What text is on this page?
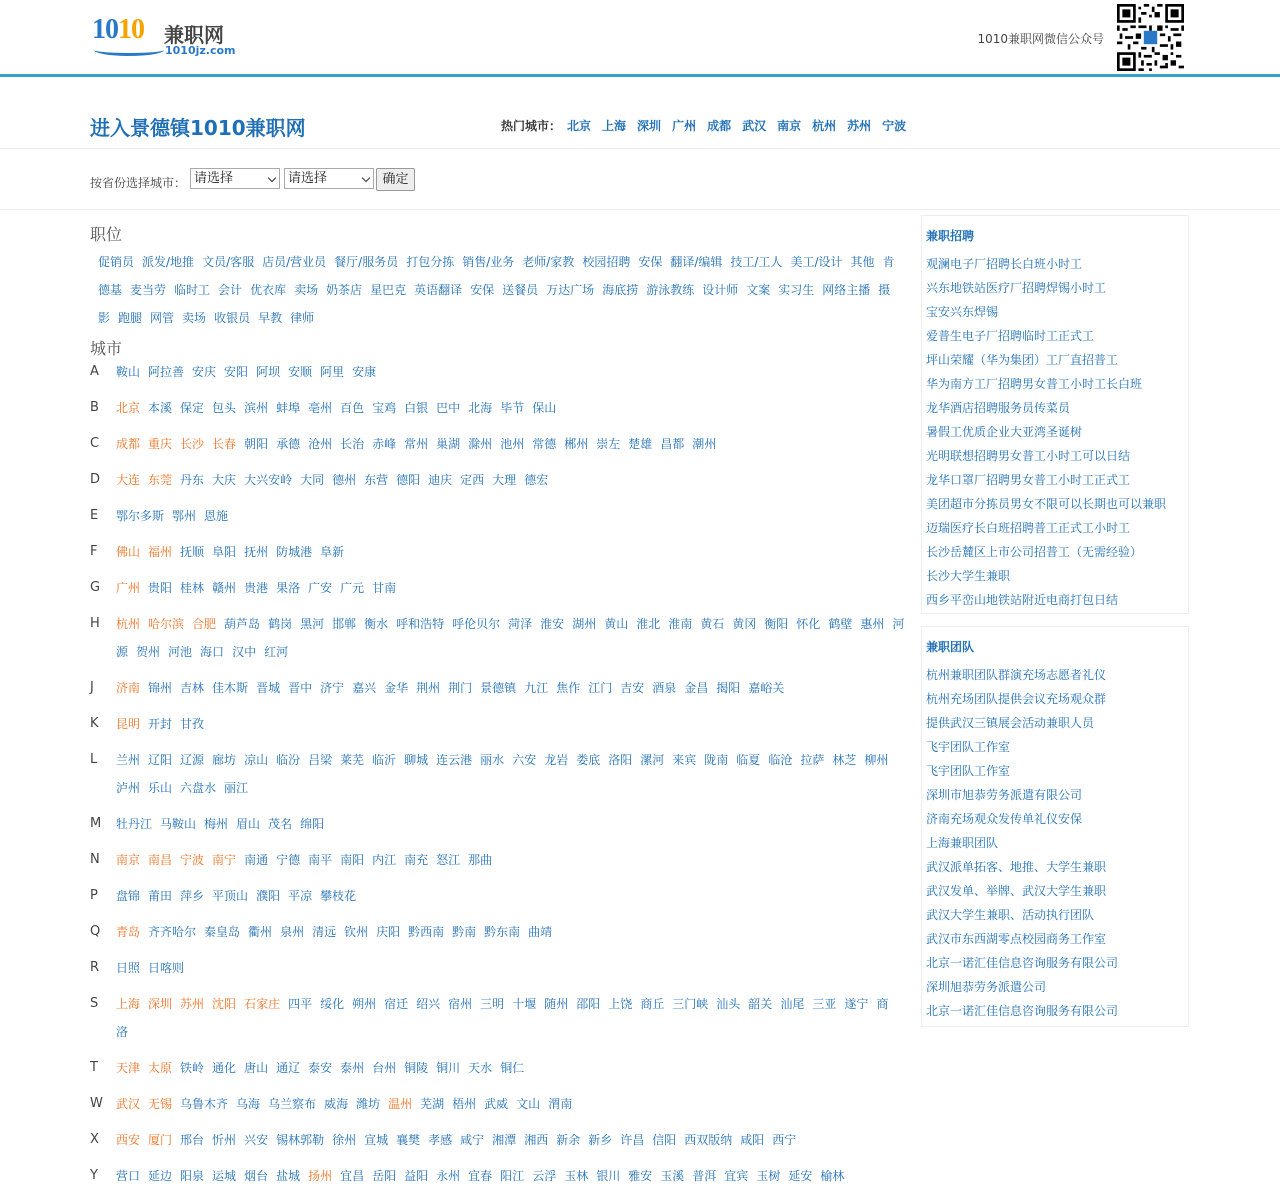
1010 兼职网
1010jz.com
1010兼职网微信公众号
进入景德镇1010兼职网	热门城市： 北京 上海 深圳 广州 成都 武汉 南京 杭州 苏州 宁波
按省份选择城市： 请选择	请选择	确定
职位
促销员 派发/地推 文员/客服 店员/营业员 餐厅/服务员 打包分拣 销售/业务 老师/家教 校园招聘 安保 翻译/编辑 技工/工人 美工/设计 其他 肯德基 麦当劳 临时工 会计 优衣库 卖场 奶茶店 星巴克 英语翻译 安保 送餐员 万达广场 海底捞 游泳教练 设计师 文案 实习生 网络主播 摄影 跑腿 网管 卖场 收银员 早教 律师
城市
A	鞍山 阿拉善 安庆 安阳 阿坝 安顺 阿里 安康
B	北京 本溪 保定 包头 滨州 蚌埠 亳州 百色 宝鸡 白银 巴中 北海 毕节 保山
C	成都 重庆 长沙 长春 朝阳 承德 沧州 长治 赤峰 常州 巢湖 滁州 池州 常德 郴州 崇左 楚雄 昌都 潮州
D	大连 东莞 丹东 大庆 大兴安岭 大同 德州 东营 德阳 迪庆 定西 大理 德宏
E	鄂尔多斯 鄂州 恩施
F	佛山 福州 抚顺 阜阳 抚州 防城港 阜新
G	广州 贵阳 桂林 赣州 贵港 果洛 广安 广元 甘南
H	杭州 哈尔滨 合肥 葫芦岛 鹤岗 黑河 邯郸 衡水 呼和浩特 呼伦贝尔 菏泽 淮安 湖州 黄山 淮北 淮南 黄石 黄冈 衡阳 怀化 鹤壁 惠州 河源 贺州 河池 海口 汉中 红河
J	济南 锦州 吉林 佳木斯 晋城 晋中 济宁 嘉兴 金华 荆州 荆门 景德镇 九江 焦作 江门 吉安 酒泉 金昌 揭阳 嘉峪关
K	昆明 开封 甘孜
L	兰州 辽阳 辽源 廊坊 凉山 临汾 吕梁 莱芜 临沂 聊城 连云港 丽水 六安 龙岩 娄底 洛阳 漯河 来宾 陇南 临夏 临沧 拉萨 林芝 柳州泸州 乐山 六盘水 丽江
M	牡丹江 马鞍山 梅州 眉山 茂名 绵阳
N	南京 南昌 宁波 南宁 南通 宁德 南平 南阳 内江 南充 怒江 那曲
P	盘锦 莆田 萍乡 平顶山 濮阳 平凉 攀枝花
Q	青岛 齐齐哈尔 秦皇岛 衢州 泉州 清远 钦州 庆阳 黔西南 黔南 黔东南 曲靖
R	日照 日喀则
S	上海 深圳 苏州 沈阳 石家庄 四平 绥化 朔州 宿迁 绍兴 宿州 三明 十堰 随州 邵阳 上饶 商丘 三门峡 汕头 韶关 汕尾 三亚 遂宁 商洛
T	天津 太原 铁岭 通化 唐山 通辽 泰安 泰州 台州 铜陵 铜川 天水 铜仁
W	武汉 无锡 乌鲁木齐 乌海 乌兰察布 威海 潍坊 温州 芜湖 梧州 武威 文山 渭南
X	西安 厦门 邢台 忻州 兴安 锡林郭勒 徐州 宣城 襄樊 孝感 咸宁 湘潭 湘西 新余 新乡 许昌 信阳 西双版纳 咸阳 西宁
Y	营口 延边 阳泉 运城 烟台 盐城 扬州 宜昌 岳阳 益阳 永州 宜春 阳江 云浮 玉林 银川 雅安 玉溪 普洱 宜宾 玉树 延安 榆林
兼职招聘
观澜电子厂招聘长白班小时工
兴东地铁站医疗厂招聘焊锡小时工
宝安兴东焊锡
爱普生电子厂招聘临时工正式工
坪山荣耀（华为集团）工厂直招普工
华为南方工厂招聘男女普工小时工长白班
龙华酒店招聘服务员传菜员
暑假工优质企业大亚湾圣诞树
光明联想招聘男女普工小时工可以日结
龙华口罩厂招聘男女普工小时工正式工
美团超市分拣员男女不限可以长期也可以兼职
迈瑞医疗长白班招聘普工正式工小时工
长沙岳麓区上市公司招普工（无需经验）
长沙大学生兼职
西乡平峦山地铁站附近电商打包日结
兼职团队
杭州兼职团队群演充场志愿者礼仪
杭州充场团队提供会议充场观众群
提供武汉三镇展会活动兼职人员
飞宇团队工作室
飞宇团队工作室
深圳市旭恭劳务派遣有限公司
济南充场观众发传单礼仪安保
上海兼职团队
武汉派单拓客、地推、大学生兼职
武汉发单、举牌、武汉大学生兼职
武汉大学生兼职、活动执行团队
武汉市东西湖零点校园商务工作室
北京一诺汇佳信息咨询服务有限公司
深圳旭恭劳务派遣公司
北京一诺汇佳信息咨询服务有限公司
